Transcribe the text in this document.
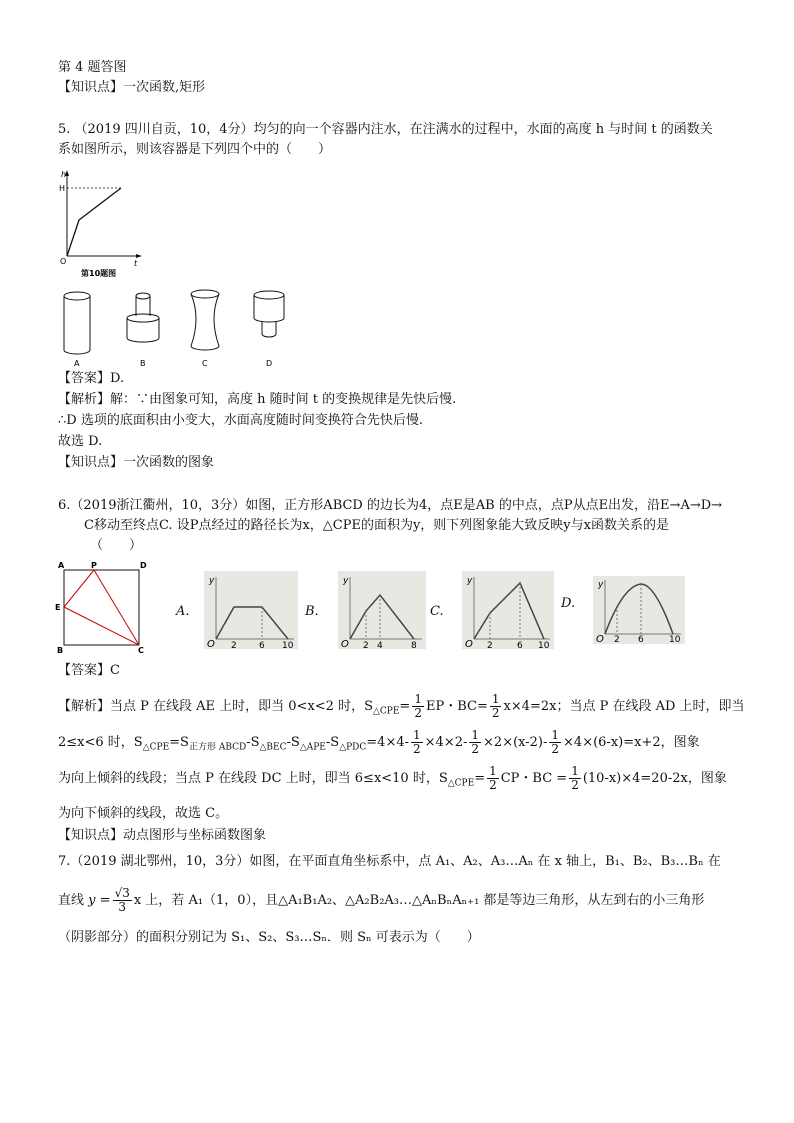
第 4 题答图
【知识点】一次函数,矩形
5. （2019 四川自贡，10，4分）均匀的向一个容器内注水，在注满水的过程中，水面的高度 h 与时间 t 的函数关
系如图所示，则该容器是下列四个中的（　　）
h
H
O	t
第10题图
A	B	C	D
【答案】D.
【解析】解：∵由图象可知，高度 h 随时间 t 的变换规律是先快后慢.
∴D 选项的底面积由小变大，水面高度随时间变换符合先快后慢.
故选 D.
【知识点】一次函数的图象
6.（2019浙江衢州，10，3分）如图，正方形ABCD 的边长为4，点E是AB 的中点，点P从点E出发，沿E→A→D→
C移动至终点C. 设P点经过的路径长为x，△CPE的面积为y，则下列图象能大致反映y与x函数关系的是
（　　）
A	P	D
E
B	C
A.	B.	C.
D.
y
O 2 6 10
y
O 2 4	8
y
O 2	6 10
y
O 2 6	10
【答案】C
【解析】当点 P 在线段 AE 上时，即当 0<x<2 时，$S_{\triangle CPE}= \frac{1}{2}$ EP・$BC= \frac{1}{2} x\times 4=2x$；当点 P 在线段 AD 上时，即当
2≤x<6 时，$S_{\triangle CPE}=S_{正方形 ABCD}-S_{\triangle BEC}-S_{\triangle APE}-S_{\triangle PDC}=4\times 4- \frac{1}{2} \times 4\times 2- \frac{1}{2} \times 2\times(x-2)- \frac{1}{2} \times 4\times(6-x)=x+2$，图象
为向上倾斜的线段；当点 P 在线段 DC 上时，即当 6≤x<10 时，$S_{\triangle CPE}= \frac{1}{2}$ CP・BC = $\frac{1}{2} (10-x)\times 4=20-2x$，图象
为向下倾斜的线段，故选 C。
【知识点】动点图形与坐标函数图象
7.（2019 湖北鄂州，10，3分）如图，在平面直角坐标系中，点 A₁、A₂、A₃…Aₙ 在 x 轴上，B₁、B₂、B₃…Bₙ 在
直线 $y = \frac{√3}{3}$ x 上，若 A₁（1，0），且△A₁B₁A₂、△A₂B₂A₃…△AₙBₙAₙ₊₁ 都是等边三角形，从左到右的小三角形
（阴影部分）的面积分别记为 S₁、S₂、S₃…Sₙ．则 Sₙ 可表示为（　　）
